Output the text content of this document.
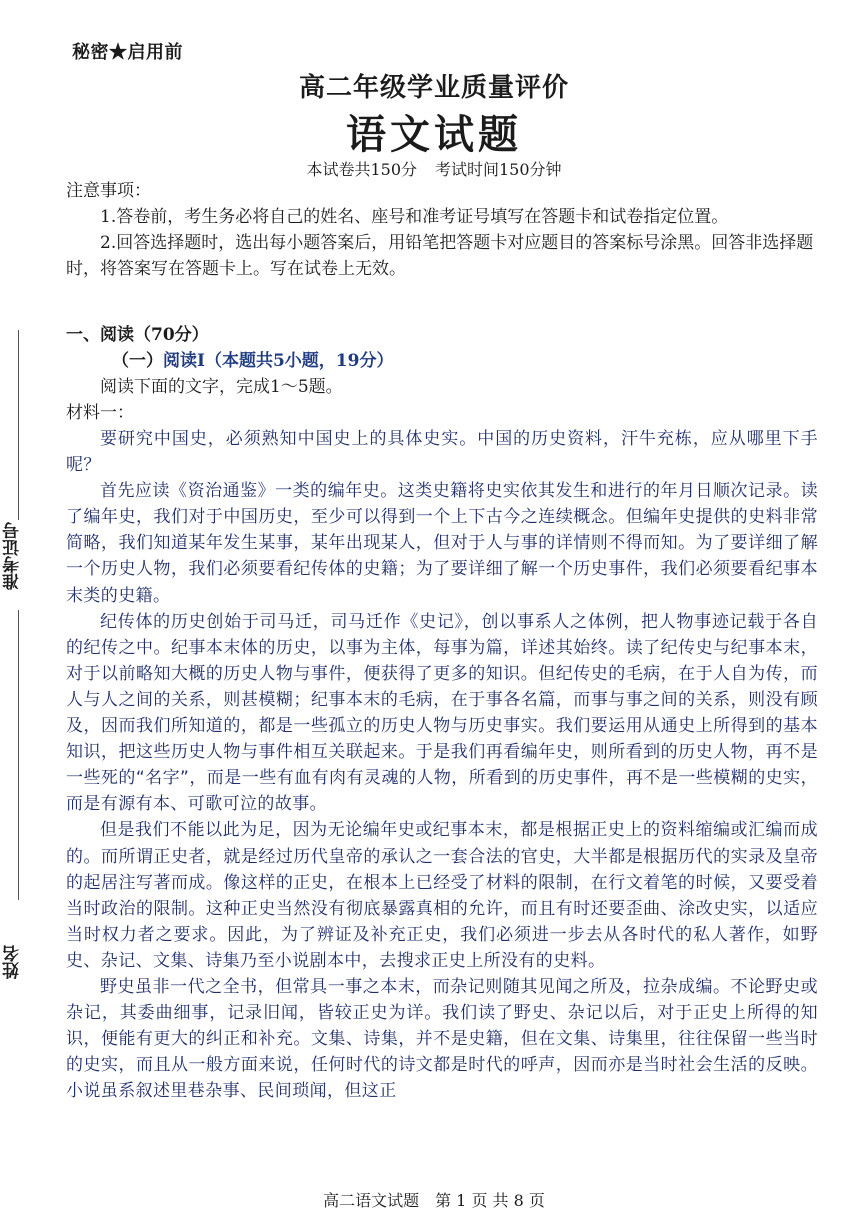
准考证号
姓名
秘密★启用前
高二年级学业质量评价
语文试题
本试卷共150分 考试时间150分钟

注意事项：

1.答卷前，考生务必将自己的姓名、座号和准考证号填写在答题卡和试卷指定位置。

2.回答选择题时，选出每小题答案后，用铅笔把答题卡对应题目的答案标号涂黑。回答非选择题时，将答案写在答题卡上。写在试卷上无效。

一、阅读（70分）

（一）阅读Ⅰ（本题共5小题，19分）

阅读下面的文字，完成1～5题。

材料一：

要研究中国史，必须熟知中国史上的具体史实。中国的历史资料，汗牛充栋，应从哪里下手呢？

首先应读《资治通鉴》一类的编年史。这类史籍将史实依其发生和进行的年月日顺次记录。读了编年史，我们对于中国历史，至少可以得到一个上下古今之连续概念。但编年史提供的史料非常简略，我们知道某年发生某事，某年出现某人，但对于人与事的详情则不得而知。为了要详细了解一个历史人物，我们必须要看纪传体的史籍；为了要详细了解一个历史事件，我们必须要看纪事本末类的史籍。

纪传体的历史创始于司马迁，司马迁作《史记》，创以事系人之体例，把人物事迹记载于各自的纪传之中。纪事本末体的历史，以事为主体，每事为篇，详述其始终。读了纪传史与纪事本末，对于以前略知大概的历史人物与事件，便获得了更多的知识。但纪传史的毛病，在于人自为传，而人与人之间的关系，则甚模糊；纪事本末的毛病，在于事各名篇，而事与事之间的关系，则没有顾及，因而我们所知道的，都是一些孤立的历史人物与历史事实。我们要运用从通史上所得到的基本知识，把这些历史人物与事件相互关联起来。于是我们再看编年史，则所看到的历史人物，再不是一些死的“名字”，而是一些有血有肉有灵魂的人物，所看到的历史事件，再不是一些模糊的史实，而是有源有本、可歌可泣的故事。

但是我们不能以此为足，因为无论编年史或纪事本末，都是根据正史上的资料缩编或汇编而成的。而所谓正史者，就是经过历代皇帝的承认之一套合法的官史，大半都是根据历代的实录及皇帝的起居注写著而成。像这样的正史，在根本上已经受了材料的限制，在行文着笔的时候，又要受着当时政治的限制。这种正史当然没有彻底暴露真相的允许，而且有时还要歪曲、涂改史实，以适应当时权力者之要求。因此，为了辨证及补充正史，我们必须进一步去从各时代的私人著作，如野史、杂记、文集、诗集乃至小说剧本中，去搜求正史上所没有的史料。

野史虽非一代之全书，但常具一事之本末，而杂记则随其见闻之所及，拉杂成编。不论野史或杂记，其委曲细事，记录旧闻，皆较正史为详。我们读了野史、杂记以后，对于正史上所得的知识，便能有更大的纠正和补充。文集、诗集，并不是史籍，但在文集、诗集里，往往保留一些当时的史实，而且从一般方面来说，任何时代的诗文都是时代的呼声，因而亦是当时社会生活的反映。小说虽系叙述里巷杂事、民间琐闻，但这正

高二语文试题　第 1 页 共 8 页
